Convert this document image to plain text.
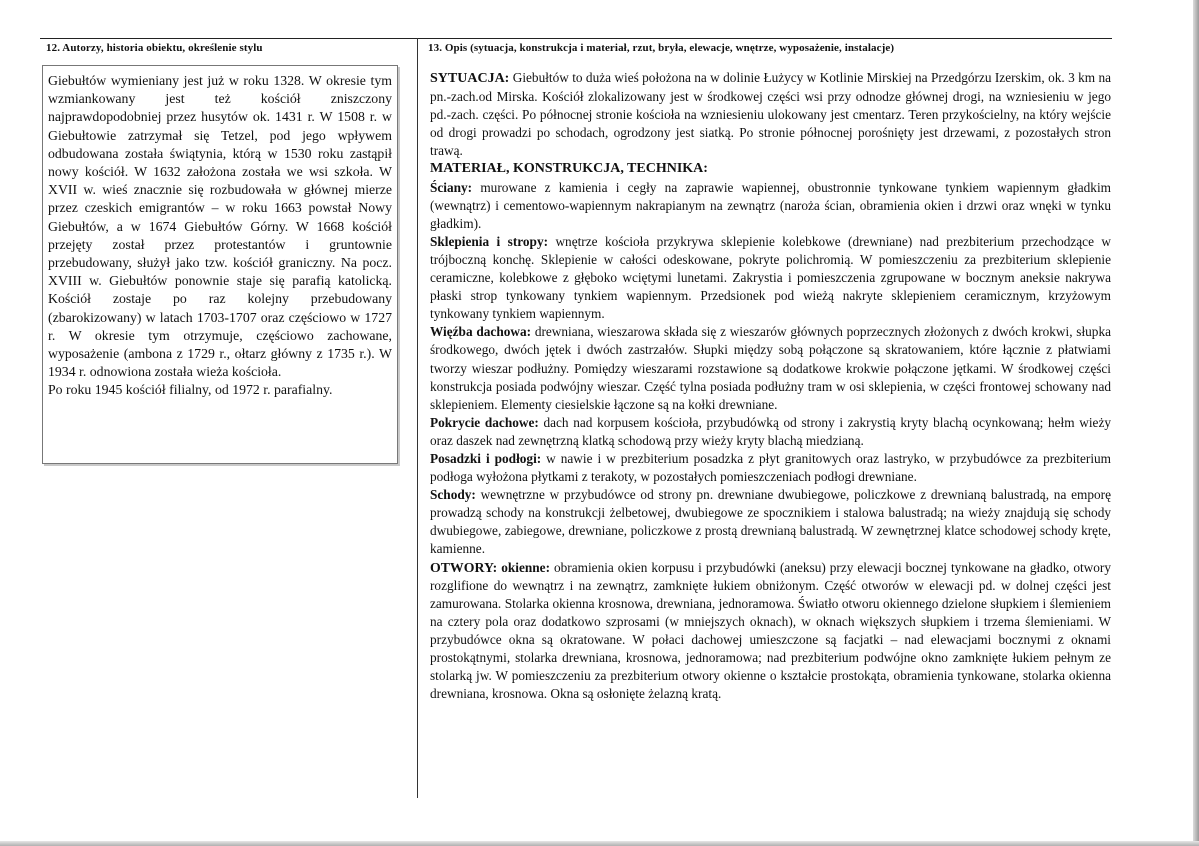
12. Autorzy, historia obiektu, określenie stylu	13. Opis (sytuacja, konstrukcja i materiał, rzut, bryła, elewacje, wnętrze, wyposażenie, instalacje)

Giebułtów wymieniany jest już w roku 1328. W okresie tym wzmiankowany jest też kościół zniszczony najprawdopodobniej przez husytów ok. 1431 r. W 1508 r. w Giebułtowie zatrzymał się Tetzel, pod jego wpływem odbudowana została świątynia, którą w 1530 roku zastąpił nowy kościół. W 1632 założona została we wsi szkoła. W XVII w. wieś znacznie się rozbudowała w głównej mierze przez czeskich emigrantów – w roku 1663 powstał Nowy Giebułtów, a w 1674 Giebułtów Górny. W 1668 kościół przejęty został przez protestantów i gruntownie przebudowany, służył jako tzw. kościół graniczny. Na pocz. XVIII w. Giebułtów ponownie staje się parafią katolicką. Kościół zostaje po raz kolejny przebudowany (zbarokizowany) w latach 1703-1707 oraz częściowo w 1727 r. W okresie tym otrzymuje, częściowo zachowane, wyposażenie (ambona z 1729 r., ołtarz główny z 1735 r.). W 1934 r. odnowiona została wieża kościoła.

Po roku 1945 kościół filialny, od 1972 r. parafialny.

SYTUACJA: Giebułtów to duża wieś położona na w dolinie Łużycy w Kotlinie Mirskiej na Przedgórzu Izerskim, ok. 3 km na pn.-zach.od Mirska. Kościół zlokalizowany jest w środkowej części wsi przy odnodze głównej drogi, na wzniesieniu w jego pd.-zach. części. Po północnej stronie kościoła na wzniesieniu ulokowany jest cmentarz. Teren przykościelny, na który wejście od drogi prowadzi po schodach, ogrodzony jest siatką. Po stronie północnej porośnięty jest drzewami, z pozostałych stron trawą.

MATERIAŁ, KONSTRUKCJA, TECHNIKA:

Ściany: murowane z kamienia i cegły na zaprawie wapiennej, obustronnie tynkowane tynkiem wapiennym gładkim (wewnątrz) i cementowo-wapiennym nakrapianym na zewnątrz (naroża ścian, obramienia okien i drzwi oraz wnęki w tynku gładkim).

Sklepienia i stropy: wnętrze kościoła przykrywa sklepienie kolebkowe (drewniane) nad prezbiterium przechodzące w trójboczną konchę. Sklepienie w całości odeskowane, pokryte polichromią. W pomieszczeniu za prezbiterium sklepienie ceramiczne, kolebkowe z głęboko wciętymi lunetami. Zakrystia i pomieszczenia zgrupowane w bocznym aneksie nakrywa płaski strop tynkowany tynkiem wapiennym. Przedsionek pod wieżą nakryte sklepieniem ceramicznym, krzyżowym tynkowany tynkiem wapiennym.

Więźba dachowa: drewniana, wieszarowa składa się z wieszarów głównych poprzecznych złożonych z dwóch krokwi, słupka środkowego, dwóch jętek i dwóch zastrzałów. Słupki między sobą połączone są skratowaniem, które łącznie z płatwiami tworzy wieszar podłużny. Pomiędzy wieszarami rozstawione są dodatkowe krokwie połączone jętkami. W środkowej części konstrukcja posiada podwójny wieszar. Część tylna posiada podłużny tram w osi sklepienia, w części frontowej schowany nad sklepieniem. Elementy ciesielskie łączone są na kołki drewniane.

Pokrycie dachowe: dach nad korpusem kościoła, przybudówką od strony i zakrystią kryty blachą ocynkowaną; hełm wieży oraz daszek nad zewnętrzną klatką schodową przy wieży kryty blachą miedzianą.

Posadzki i podłogi: w nawie i w prezbiterium posadzka z płyt granitowych oraz lastryko, w przybudówce za prezbiterium podłoga wyłożona płytkami z terakoty, w pozostałych pomieszczeniach podłogi drewniane.

Schody: wewnętrzne w przybudówce od strony pn. drewniane dwubiegowe, policzkowe z drewnianą balustradą, na emporę prowadzą schody na konstrukcji żelbetowej, dwubiegowe ze spocznikiem i stalowa balustradą; na wieży znajdują się schody dwubiegowe, zabiegowe, drewniane, policzkowe z prostą drewnianą balustradą. W zewnętrznej klatce schodowej schody kręte, kamienne.

OTWORY: okienne: obramienia okien korpusu i przybudówki (aneksu) przy elewacji bocznej tynkowane na gładko, otwory rozglifione do wewnątrz i na zewnątrz, zamknięte łukiem obniżonym. Część otworów w elewacji pd. w dolnej części jest zamurowana. Stolarka okienna krosnowa, drewniana, jednoramowa. Światło otworu okiennego dzielone słupkiem i ślemieniem na cztery pola oraz dodatkowo szprosami (w mniejszych oknach), w oknach większych słupkiem i trzema ślemieniami. W przybudówce okna są okratowane. W połaci dachowej umieszczone są facjatki – nad elewacjami bocznymi z oknami prostokątnymi, stolarka drewniana, krosnowa, jednoramowa; nad prezbiterium podwójne okno zamknięte łukiem pełnym ze stolarką jw. W pomieszczeniu za prezbiterium otwory okienne o kształcie prostokąta, obramienia tynkowane, stolarka okienna drewniana, krosnowa. Okna są osłonięte żelazną kratą.
